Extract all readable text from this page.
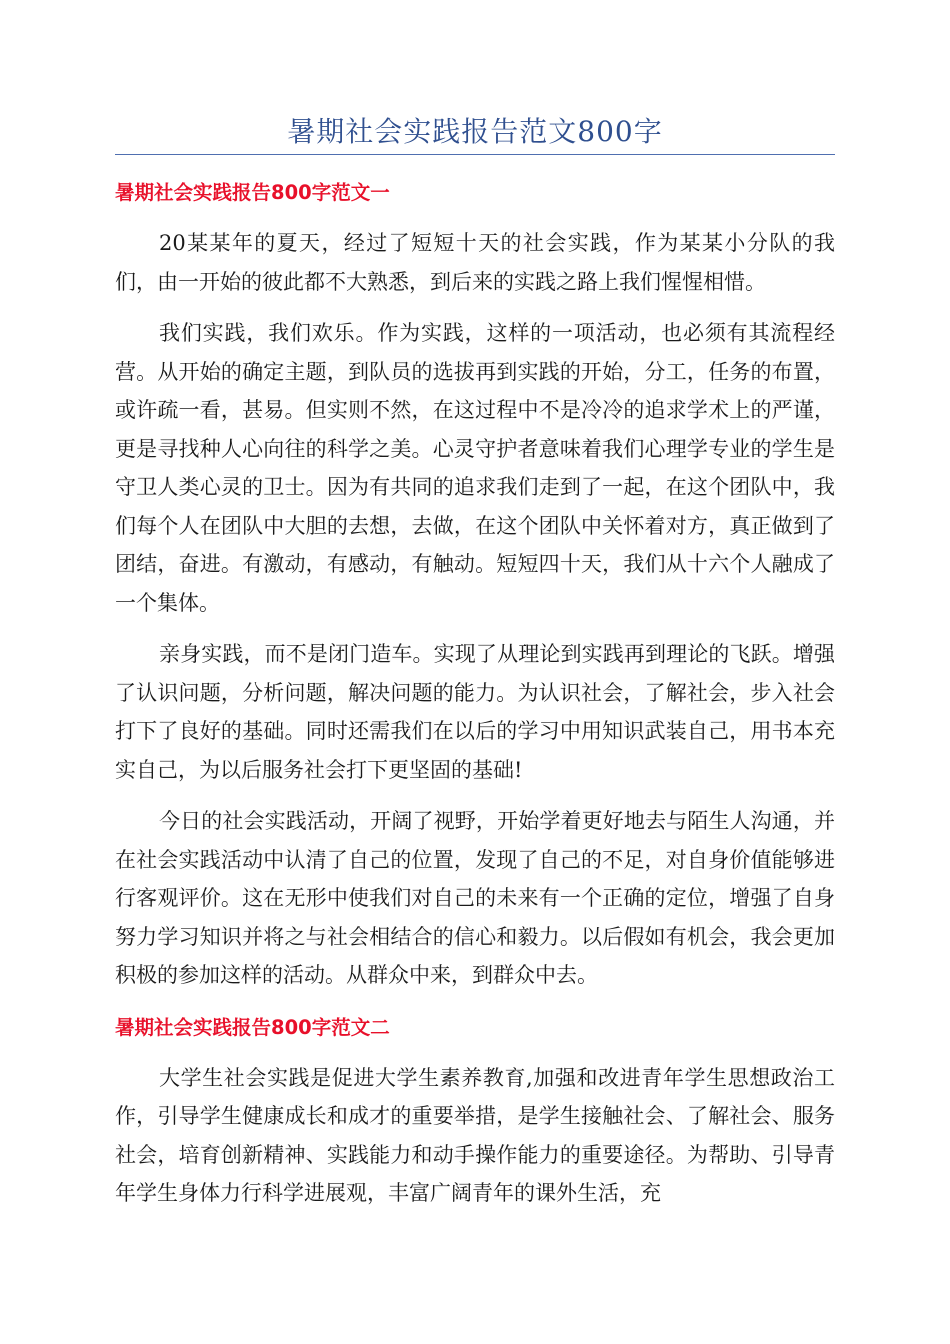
暑期社会实践报告范文800字
暑期社会实践报告800字范文一

20某某年的夏天，经过了短短十天的社会实践，作为某某小分队的我们，由一开始的彼此都不大熟悉，到后来的实践之路上我们惺惺相惜。

我们实践，我们欢乐。作为实践，这样的一项活动，也必须有其流程经营。从开始的确定主题，到队员的选拔再到实践的开始，分工，任务的布置，或许疏一看，甚易。但实则不然，在这过程中不是冷冷的追求学术上的严谨，更是寻找种人心向往的科学之美。心灵守护者意味着我们心理学专业的学生是守卫人类心灵的卫士。因为有共同的追求我们走到了一起，在这个团队中，我们每个人在团队中大胆的去想，去做，在这个团队中关怀着对方，真正做到了团结，奋进。有激动，有感动，有触动。短短四十天，我们从十六个人融成了一个集体。

亲身实践，而不是闭门造车。实现了从理论到实践再到理论的飞跃。增强了认识问题，分析问题，解决问题的能力。为认识社会，了解社会，步入社会打下了良好的基础。同时还需我们在以后的学习中用知识武装自己，用书本充实自己，为以后服务社会打下更坚固的基础!

今日的社会实践活动，开阔了视野，开始学着更好地去与陌生人沟通，并在社会实践活动中认清了自己的位置，发现了自己的不足，对自身价值能够进行客观评价。这在无形中使我们对自己的未来有一个正确的定位，增强了自身努力学习知识并将之与社会相结合的信心和毅力。以后假如有机会，我会更加积极的参加这样的活动。从群众中来，到群众中去。

暑期社会实践报告800字范文二

大学生社会实践是促进大学生素养教育,加强和改进青年学生思想政治工作，引导学生健康成长和成才的重要举措，是学生接触社会、了解社会、服务社会，培育创新精神、实践能力和动手操作能力的重要途径。为帮助、引导青年学生身体力行科学进展观，丰富广阔青年的课外生活，充
